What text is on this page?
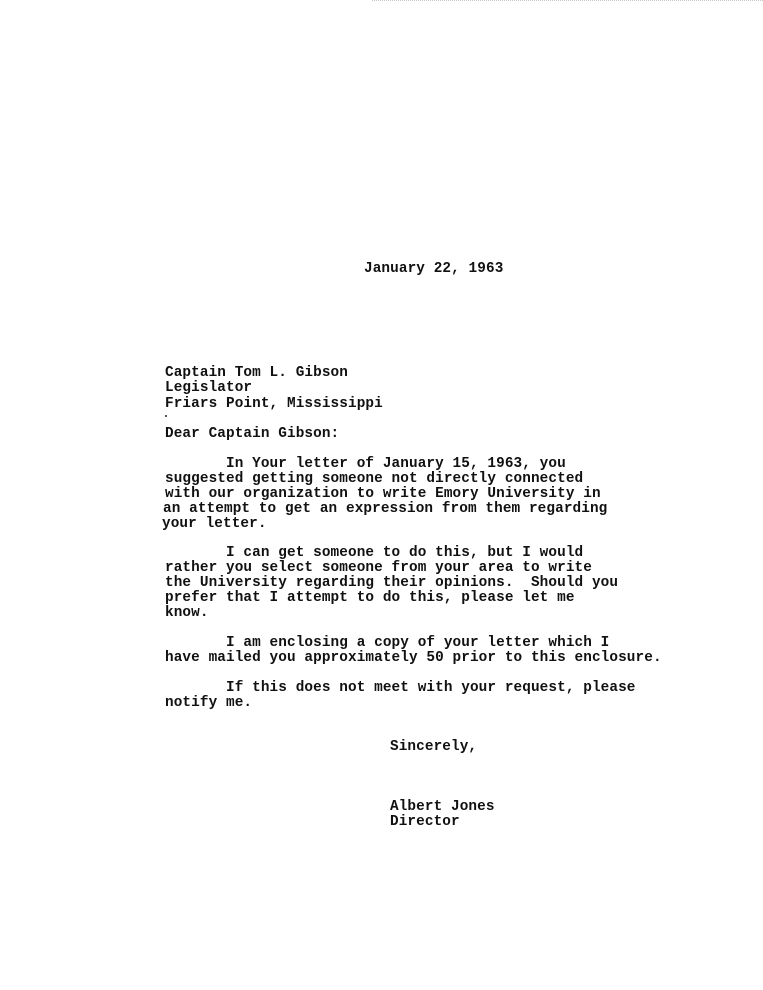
January 22, 1963
Captain Tom L. Gibson
Legislator
Friars Point, Mississippi
Dear Captain Gibson:
In Your letter of January 15, 1963, you
suggested getting someone not directly connected
with our organization to write Emory University in
an attempt to get an expression from them regarding
your letter.
I can get someone to do this, but I would
rather you select someone from your area to write
the University regarding their opinions.  Should you
prefer that I attempt to do this, please let me
know.
I am enclosing a copy of your letter which I
have mailed you approximately 50 prior to this enclosure.
If this does not meet with your request, please
notify me.
Sincerely,
Albert Jones
Director
